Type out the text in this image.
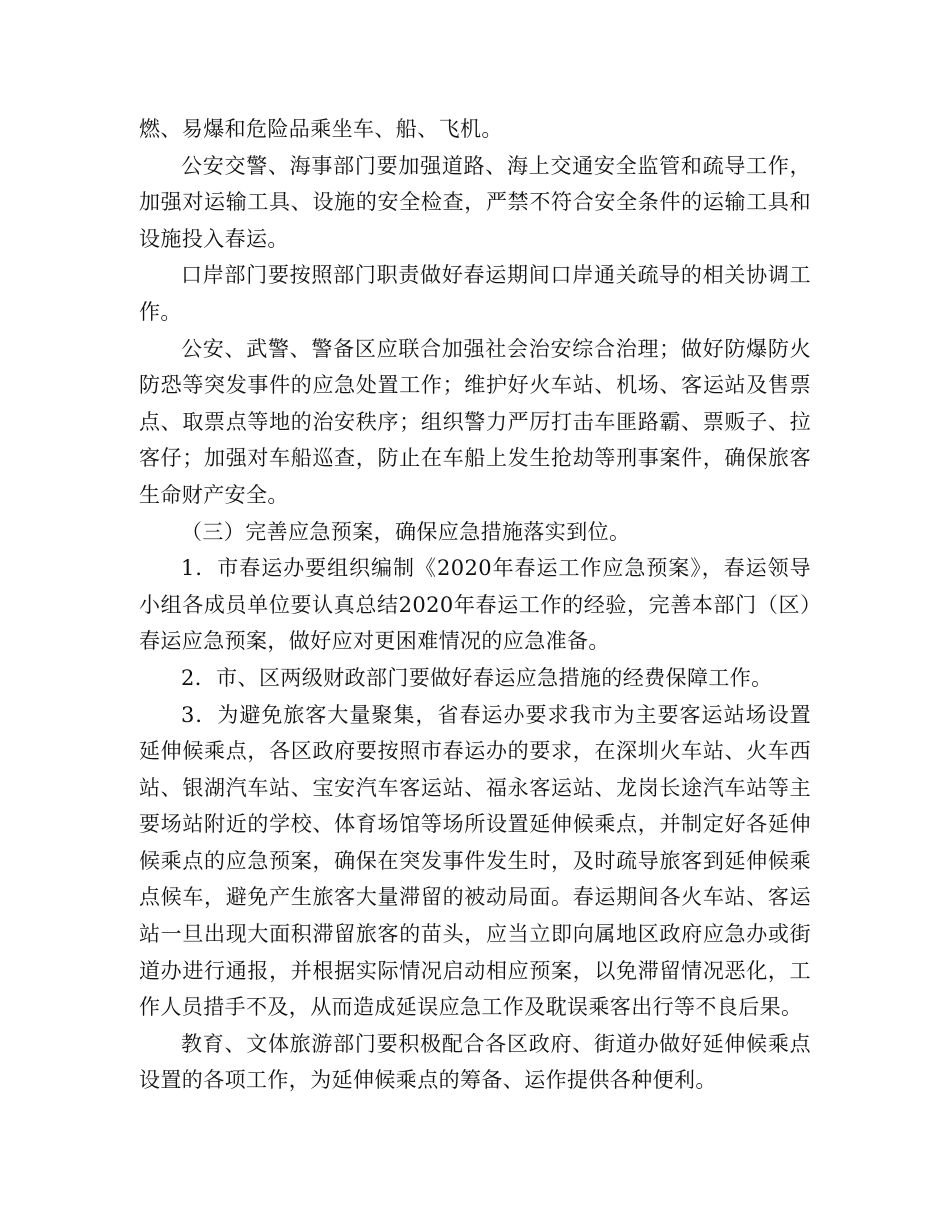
燃、易爆和危险品乘坐车、船、飞机。

公安交警、海事部门要加强道路、海上交通安全监管和疏导工作，加强对运输工具、设施的安全检查，严禁不符合安全条件的运输工具和设施投入春运。

口岸部门要按照部门职责做好春运期间口岸通关疏导的相关协调工作。

公安、武警、警备区应联合加强社会治安综合治理；做好防爆防火防恐等突发事件的应急处置工作；维护好火车站、机场、客运站及售票点、取票点等地的治安秩序；组织警力严厉打击车匪路霸、票贩子、拉客仔；加强对车船巡查，防止在车船上发生抢劫等刑事案件，确保旅客生命财产安全。

（三）完善应急预案，确保应急措施落实到位。

1．市春运办要组织编制《2020年春运工作应急预案》，春运领导小组各成员单位要认真总结2020年春运工作的经验，完善本部门（区）春运应急预案，做好应对更困难情况的应急准备。

2．市、区两级财政部门要做好春运应急措施的经费保障工作。

3．为避免旅客大量聚集，省春运办要求我市为主要客运站场设置延伸候乘点，各区政府要按照市春运办的要求，在深圳火车站、火车西站、银湖汽车站、宝安汽车客运站、福永客运站、龙岗长途汽车站等主要场站附近的学校、体育场馆等场所设置延伸候乘点，并制定好各延伸候乘点的应急预案，确保在突发事件发生时，及时疏导旅客到延伸候乘点候车，避免产生旅客大量滞留的被动局面。春运期间各火车站、客运站一旦出现大面积滞留旅客的苗头，应当立即向属地区政府应急办或街道办进行通报，并根据实际情况启动相应预案，以免滞留情况恶化，工作人员措手不及，从而造成延误应急工作及耽误乘客出行等不良后果。

教育、文体旅游部门要积极配合各区政府、街道办做好延伸候乘点设置的各项工作，为延伸候乘点的筹备、运作提供各种便利。
